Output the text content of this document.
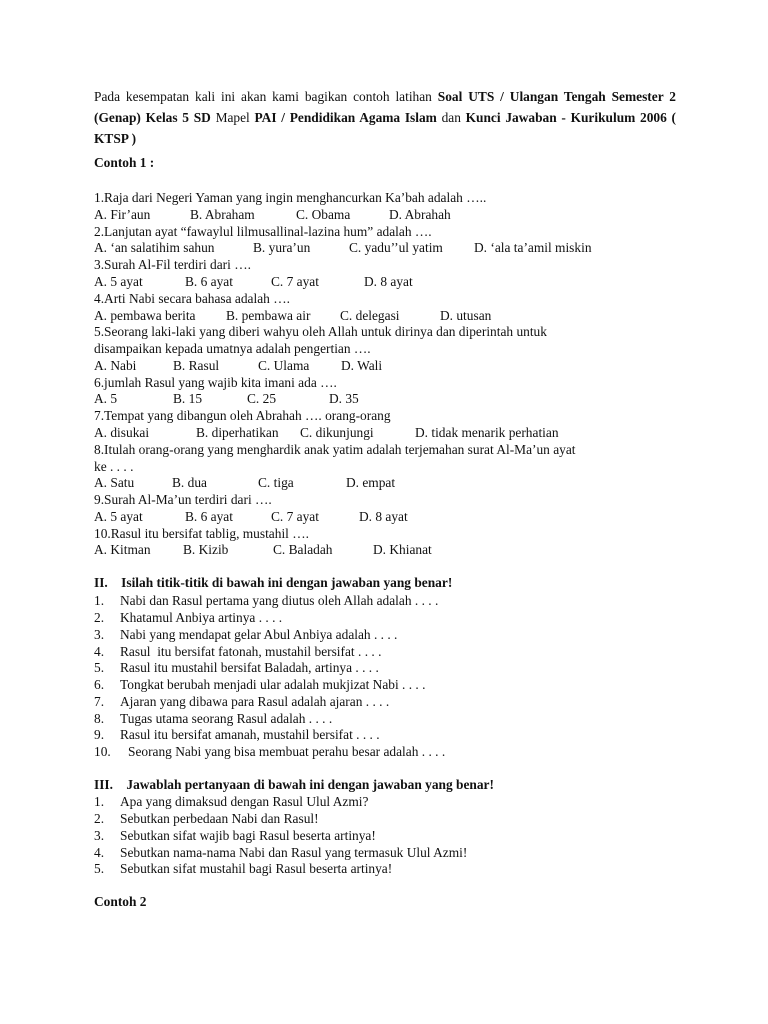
Pada kesempatan kali ini akan kami bagikan contoh latihan Soal UTS / Ulangan Tengah Semester 2 (Genap) Kelas 5 SD Mapel PAI / Pendidikan Agama Islam dan Kunci Jawaban - Kurikulum 2006 ( KTSP )
Contoh 1 :
1.Raja dari Negeri Yaman yang ingin menghancurkan Ka’bah adalah …..
A. Fir’aun	B. Abraham	C. Obama	D. Abrahah
2.Lanjutan ayat “fawaylul lilmusallinal-lazina hum” adalah ….
A. ‘an salatihim sahun	B. yura’un	C. yadu’’ul yatim D. ‘ala ta’amil miskin
3.Surah Al-Fil terdiri dari ….
A. 5 ayat	B. 6 ayat	C. 7 ayat	D. 8 ayat
4.Arti Nabi secara bahasa adalah ….
A. pembawa berita B. pembawa air C. delegasi	D. utusan
5.Seorang laki-laki yang diberi wahyu oleh Allah untuk dirinya dan diperintah untuk
disampaikan kepada umatnya adalah pengertian ….
A. Nabi	B. Rasul	C. Ulama D. Wali
6.jumlah Rasul yang wajib kita imani ada ….
A. 5	B. 15	C. 25	D. 35
7.Tempat yang dibangun oleh Abrahah …. orang-orang
A. disukai	B. diperhatikan C. dikunjungi	D. tidak menarik perhatian
8.Itulah orang-orang yang menghardik anak yatim adalah terjemahan surat Al-Ma’un ayat
ke . . . .
A. Satu	B. dua	C. tiga	D. empat
9.Surah Al-Ma’un terdiri dari ….
A. 5 ayat	B. 6 ayat	C. 7 ayat	D. 8 ayat
10.Rasul itu bersifat tablig, mustahil ….
A. Kitman B. Kizib	C. Baladah	D. Khianat
II.    Isilah titik-titik di bawah ini dengan jawaban yang benar!
1. Nabi dan Rasul pertama yang diutus oleh Allah adalah . . . .
2. Khatamul Anbiya artinya . . . .
3. Nabi yang mendapat gelar Abul Anbiya adalah . . . .
4. Rasul  itu bersifat fatonah, mustahil bersifat . . . .
5. Rasul itu mustahil bersifat Baladah, artinya . . . .
6. Tongkat berubah menjadi ular adalah mukjizat Nabi . . . .
7. Ajaran yang dibawa para Rasul adalah ajaran . . . .
8. Tugas utama seorang Rasul adalah . . . .
9. Rasul itu bersifat amanah, mustahil bersifat . . . .
10. Seorang Nabi yang bisa membuat perahu besar adalah . . . .
III.    Jawablah pertanyaan di bawah ini dengan jawaban yang benar!
1. Apa yang dimaksud dengan Rasul Ulul Azmi?
2. Sebutkan perbedaan Nabi dan Rasul!
3. Sebutkan sifat wajib bagi Rasul beserta artinya!
4. Sebutkan nama-nama Nabi dan Rasul yang termasuk Ulul Azmi!
5. Sebutkan sifat mustahil bagi Rasul beserta artinya!
Contoh 2
